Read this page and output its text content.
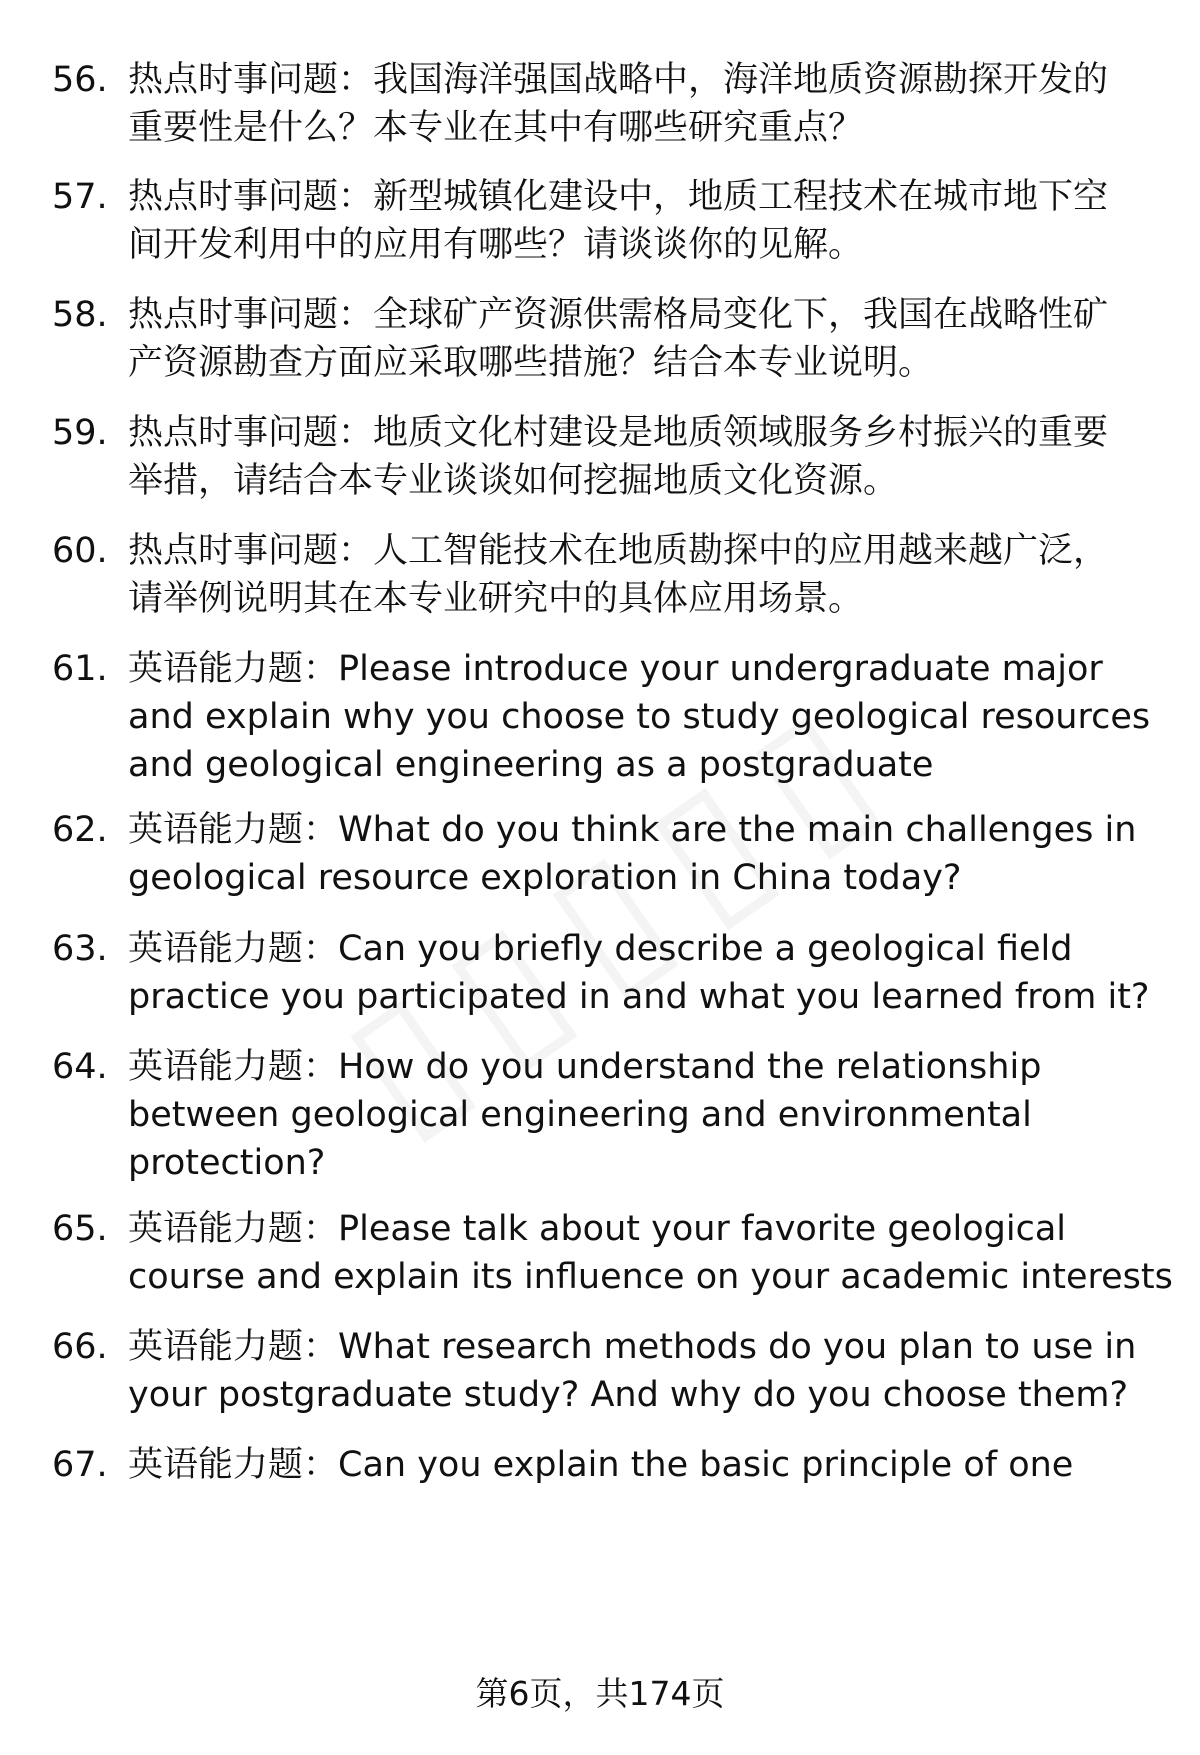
56. 热点时事问题：我国海洋强国战略中，海洋地质资源勘探开发的
重要性是什么？本专业在其中有哪些研究重点？
57. 热点时事问题：新型城镇化建设中，地质工程技术在城市地下空
间开发利用中的应用有哪些？请谈谈你的见解。
58. 热点时事问题：全球矿产资源供需格局变化下，我国在战略性矿
产资源勘查方面应采取哪些措施？结合本专业说明。
59. 热点时事问题：地质文化村建设是地质领域服务乡村振兴的重要
举措，请结合本专业谈谈如何挖掘地质文化资源。
60. 热点时事问题：人工智能技术在地质勘探中的应用越来越广泛，
请举例说明其在本专业研究中的具体应用场景。
61. 英语能力题：Please introduce your undergraduate major
and explain why you choose to study geological resources
and geological engineering as a postgraduate
62. 英语能力题：What do you think are the main challenges in
geological resource exploration in China today?
63. 英语能力题：Can you briefly describe a geological field
practice you participated in and what you learned from it?
64. 英语能力题：How do you understand the relationship
between geological engineering and environmental
protection?
65. 英语能力题：Please talk about your favorite geological
course and explain its influence on your academic interests
66. 英语能力题：What research methods do you plan to use in
your postgraduate study? And why do you choose them?
67. 英语能力题：Can you explain the basic principle of one
第6页，共174页
